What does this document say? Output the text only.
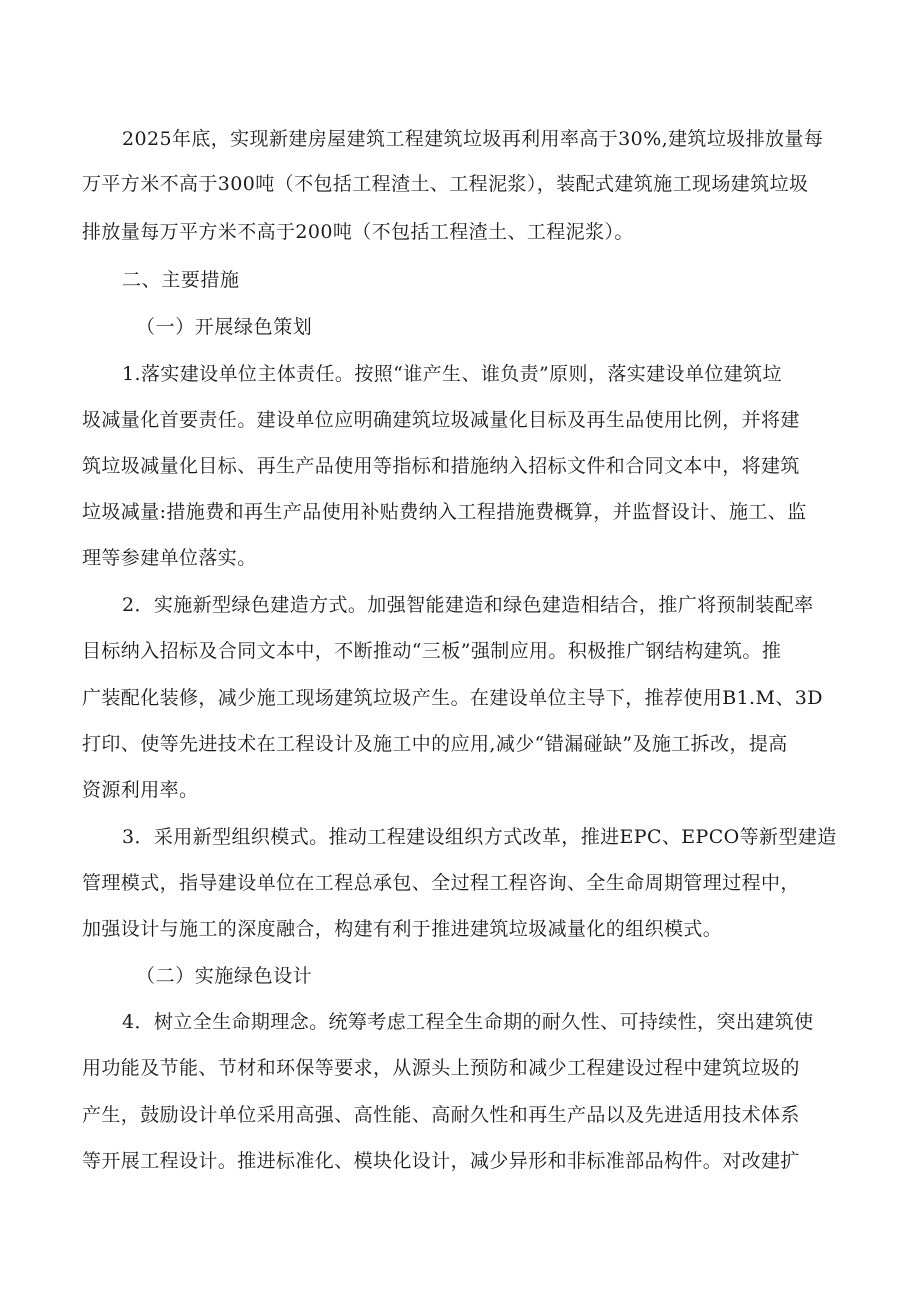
2025年底，实现新建房屋建筑工程建筑垃圾再利用率高于30%,建筑垃圾排放量每
万平方米不高于300吨（不包括工程渣土、工程泥浆），装配式建筑施工现场建筑垃圾
排放量每万平方米不高于200吨（不包括工程渣土、工程泥浆）。
二、主要措施
（一）开展绿色策划
1.落实建设单位主体责任。按照“谁产生、谁负责”原则，落实建设单位建筑垃
圾减量化首要责任。建设单位应明确建筑垃圾减量化目标及再生品使用比例，并将建
筑垃圾减量化目标、再生产品使用等指标和措施纳入招标文件和合同文本中，将建筑
垃圾减量:措施费和再生产品使用补贴费纳入工程措施费概算，并监督设计、施工、监
理等参建单位落实。
2．实施新型绿色建造方式。加强智能建造和绿色建造相结合，推广将预制装配率
目标纳入招标及合同文本中，不断推动“三板”强制应用。积极推广钢结构建筑。推
广装配化装修，减少施工现场建筑垃圾产生。在建设单位主导下，推荐使用B1.M、3D
打印、使等先进技术在工程设计及施工中的应用,减少“错漏碰缺”及施工拆改，提高
资源利用率。
3．采用新型组织模式。推动工程建设组织方式改革，推进EPC、EPCO等新型建造
管理模式，指导建设单位在工程总承包、全过程工程咨询、全生命周期管理过程中，
加强设计与施工的深度融合，构建有利于推进建筑垃圾减量化的组织模式。
（二）实施绿色设计
4．树立全生命期理念。统筹考虑工程全生命期的耐久性、可持续性，突出建筑使
用功能及节能、节材和环保等要求，从源头上预防和减少工程建设过程中建筑垃圾的
产生，鼓励设计单位采用高强、高性能、高耐久性和再生产品以及先进适用技术体系
等开展工程设计。推进标准化、模块化设计，减少异形和非标准部品构件。对改建扩
